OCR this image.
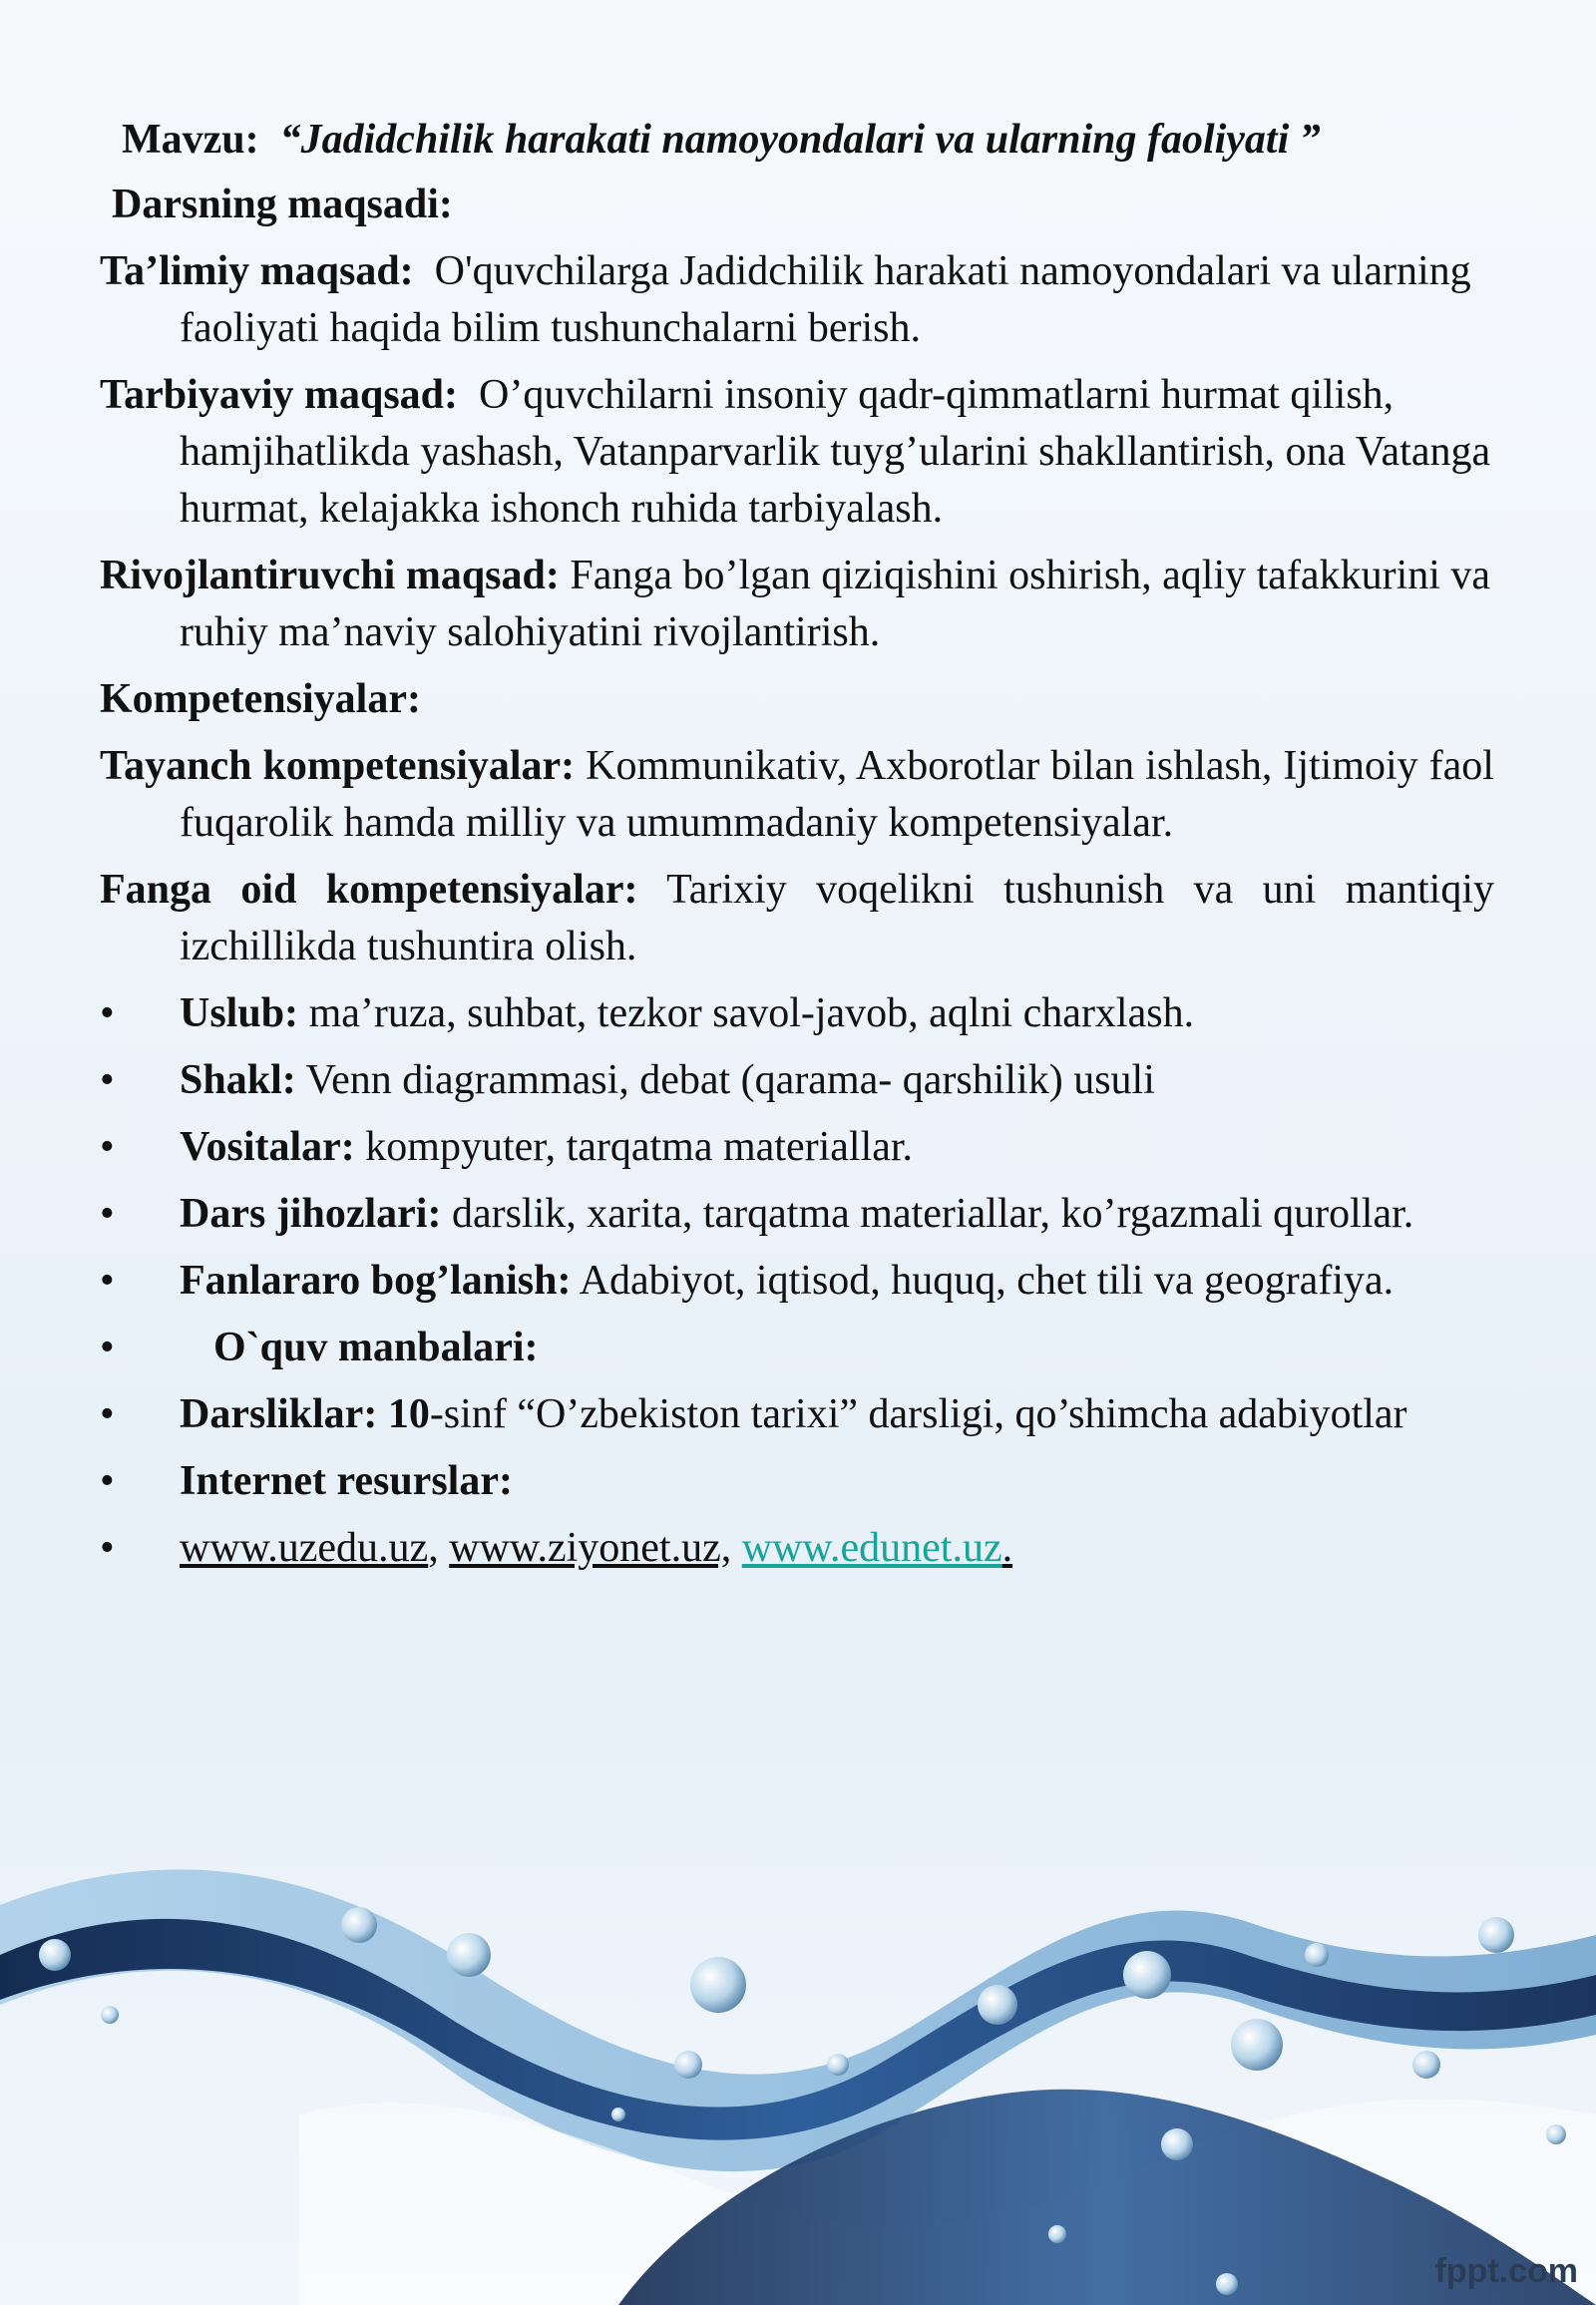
Mavzu: “Jadidchilik harakati namoyondalari va ularning faoliyati ”
Darsning maqsadi:
Ta’limiy maqsad: O'quvchilarga Jadidchilik harakati namoyondalari va ularning faoliyati haqida bilim tushunchalarni berish.
Tarbiyaviy maqsad: O’quvchilarni insoniy qadr-qimmatlarni hurmat qilish, hamjihatlikda yashash, Vatanparvarlik tuyg’ularini shakllantirish, ona Vatanga hurmat, kelajakka ishonch ruhida tarbiyalash.
Rivojlantiruvchi maqsad: Fanga bo’lgan qiziqishini oshirish, aqliy tafakkurini va ruhiy ma’naviy salohiyatini rivojlantirish.
Kompetensiyalar:
Tayanch kompetensiyalar: Kommunikativ, Axborotlar bilan ishlash, Ijtimoiy faol fuqarolik hamda milliy va umummadaniy kompetensiyalar.
Fanga oid kompetensiyalar: Tarixiy voqelikni tushunish va uni mantiqiy izchillikda tushuntira olish.
• Uslub: ma’ruza, suhbat, tezkor savol-javob, aqlni charxlash.
• Shakl: Venn diagrammasi, debat (qarama- qarshilik) usuli
• Vositalar: kompyuter, tarqatma materiallar.
• Dars jihozlari: darslik, xarita, tarqatma materiallar, ko’rgazmali qurollar.
• Fanlararo bog’lanish: Adabiyot, iqtisod, huquq, chet tili va geografiya.
• O`quv manbalari:
• Darsliklar: 10-sinf “O’zbekiston tarixi” darsligi, qo’shimcha adabiyotlar
• Internet resurslar:
• www.uzedu.uz, www.ziyonet.uz, www.edunet.uz.
fppt.com
